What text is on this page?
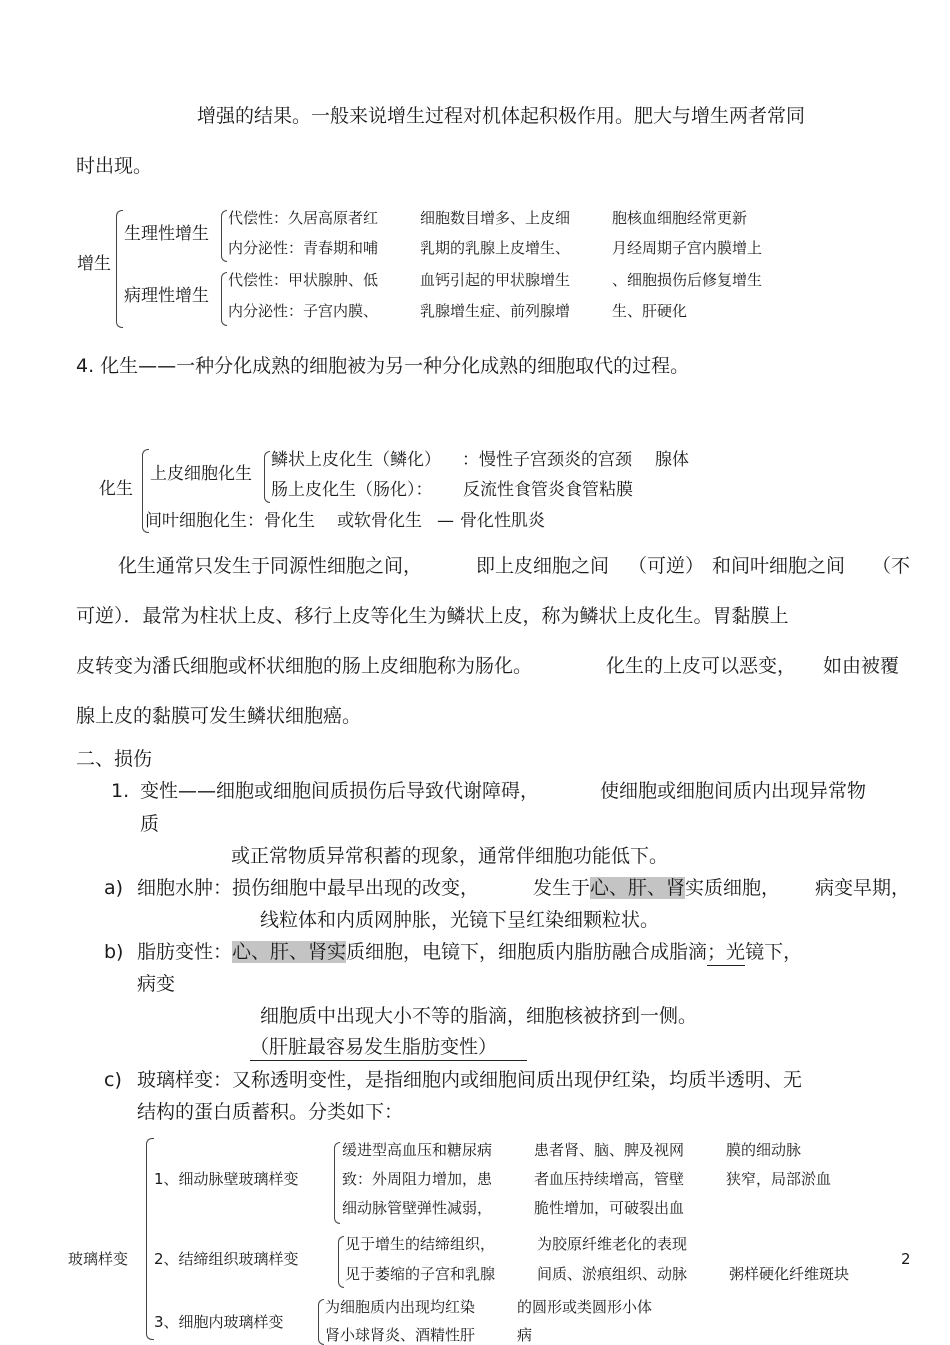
增强的结果。一般来说增生过程对机体起积极作用。肥大与增生两者常同
时出现。
增生
生理性增生
代偿性：久居高原者红	细胞数目增多、上皮细	胞核血细胞经常更新
内分泌性：青春期和哺	乳期的乳腺上皮增生、	月经周期子宫内膜增上
病理性增生
代偿性：甲状腺肿、低	血钙引起的甲状腺增生	、细胞损伤后修复增生
内分泌性：子宫内膜、	乳腺增生症、前列腺增	生、肝硬化
4. 化生——一种分化成熟的细胞被为另一种分化成熟的细胞取代的过程。
化生
上皮细胞化生
鳞状上皮化生（鳞化） ：慢性子宫颈炎的宫颈 腺体
肠上皮化生（肠化）： 反流性食管炎食管粘膜
间叶细胞化生：骨化生 或软骨化生 — 骨化性肌炎
化生通常只发生于同源性细胞之间，	即上皮细胞之间 （可逆） 和间叶细胞之间 （不
可逆）．最常为柱状上皮、移行上皮等化生为鳞状上皮，称为鳞状上皮化生。胃黏膜上
皮转变为潘氏细胞或杯状细胞的肠上皮细胞称为肠化。	化生的上皮可以恶变， 如由被覆
腺上皮的黏膜可发生鳞状细胞癌。
二、损伤
1. 变性——细胞或细胞间质损伤后导致代谢障碍，	使细胞或细胞间质内出现异常物
质
或正常物质异常积蓄的现象，通常伴细胞功能低下。
a) 细胞水肿：损伤细胞中最早出现的改变，	发生于心、肝、肾实质细胞， 病变早期，
线粒体和内质网肿胀，光镜下呈红染细颗粒状。
b) 脂肪变性：心、肝、肾实质细胞，电镜下，细胞质内脂肪融合成脂滴；光镜下，
病变
细胞质中出现大小不等的脂滴，细胞核被挤到一侧。
（肝脏最容易发生脂肪变性）
c) 玻璃样变：又称透明变性，是指细胞内或细胞间质出现伊红染，均质半透明、无
结构的蛋白质蓄积。分类如下：
玻璃样变
1、细动脉壁玻璃样变
缓进型高血压和糖尿病	患者肾、脑、脾及视网	膜的细动脉
致：外周阻力增加，患	者血压持续增高，管壁	狭窄，局部淤血
细动脉管壁弹性减弱，	脆性增加，可破裂出血
2、结缔组织玻璃样变
见于增生的结缔组织，	为胶原纤维老化的表现
见于萎缩的子宫和乳腺	间质、淤痕组织、动脉	粥样硬化纤维斑块
3、细胞内玻璃样变
为细胞质内出现均红染	的圆形或类圆形小体
肾小球肾炎、酒精性肝	病
2
